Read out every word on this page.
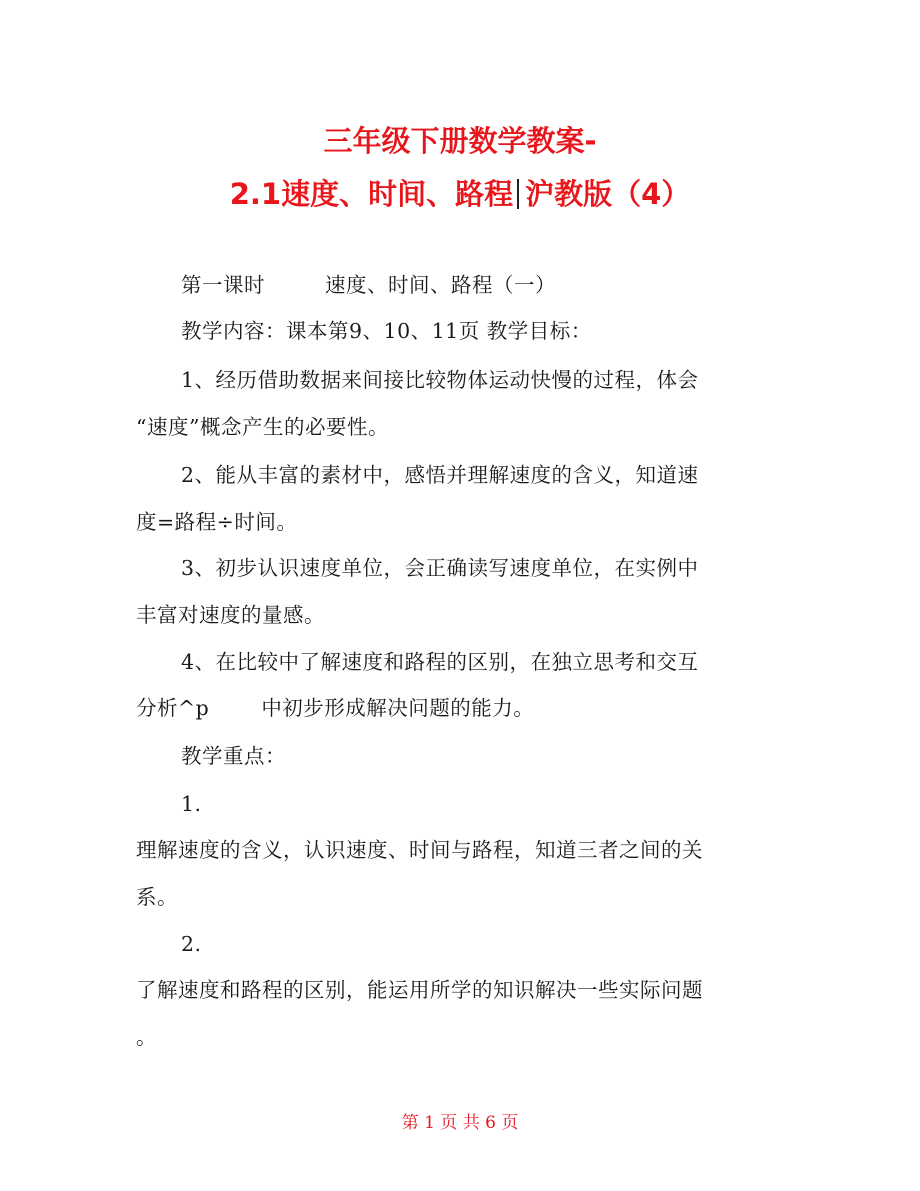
三年级下册数学教案-
2.1速度、时间、路程 沪教版（4）
第一课时	速度、时间、路程（一）
教学内容：课本第9、10、11页 教学目标：
1、经历借助数据来间接比较物体运动快慢的过程，体会
“速度”概念产生的必要性。
2、能从丰富的素材中，感悟并理解速度的含义，知道速
度=路程÷时间。
3、初步认识速度单位，会正确读写速度单位，在实例中
丰富对速度的量感。
4、在比较中了解速度和路程的区别，在独立思考和交互
分析^p	中初步形成解决问题的能力。
教学重点：
1.
理解速度的含义，认识速度、时间与路程，知道三者之间的关
系。
2.
了解速度和路程的区别，能运用所学的知识解决一些实际问题
。
第 1 页 共 6 页
